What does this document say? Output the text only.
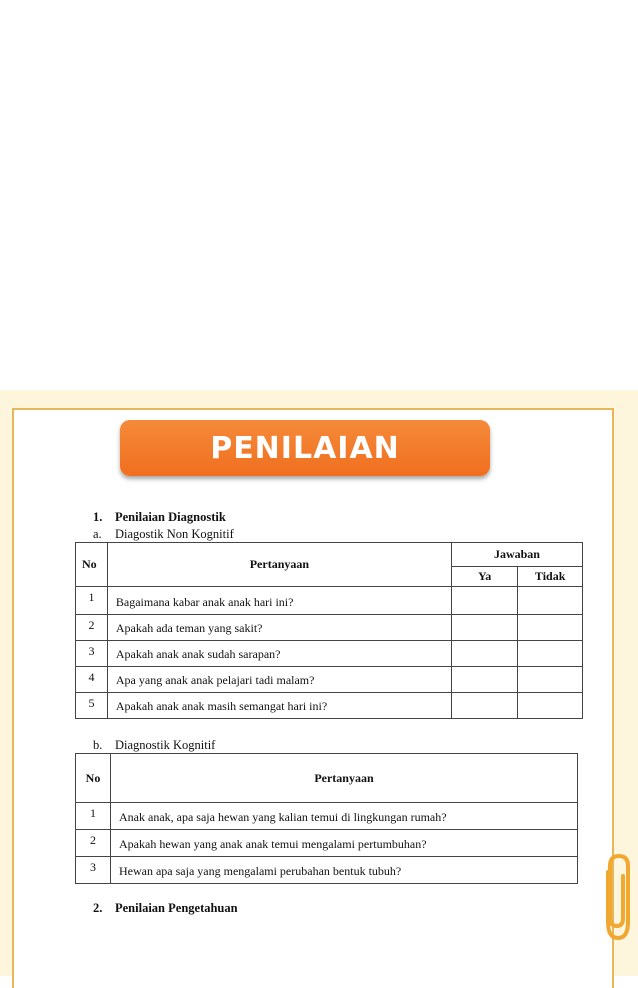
PENILAIAN
1. Penilaian Diagnostik
a. Diagostik Non Kognitif
No	Pertanyaan	Jawaban	
		Ya	Tidak
1	Bagaimana kabar anak anak hari ini?		
2	Apakah ada teman yang sakit?		
3	Apakah anak anak sudah sarapan?		
4	Apa yang anak anak pelajari tadi malam?		
5	Apakah anak anak masih semangat hari ini?		
b. Diagnostik Kognitif
No	Pertanyaan
1	Anak anak, apa saja hewan yang kalian temui di lingkungan rumah?
2	Apakah hewan yang anak anak temui mengalami pertumbuhan?
3	Hewan apa saja yang mengalami perubahan bentuk tubuh?
2. Penilaian Pengetahuan
